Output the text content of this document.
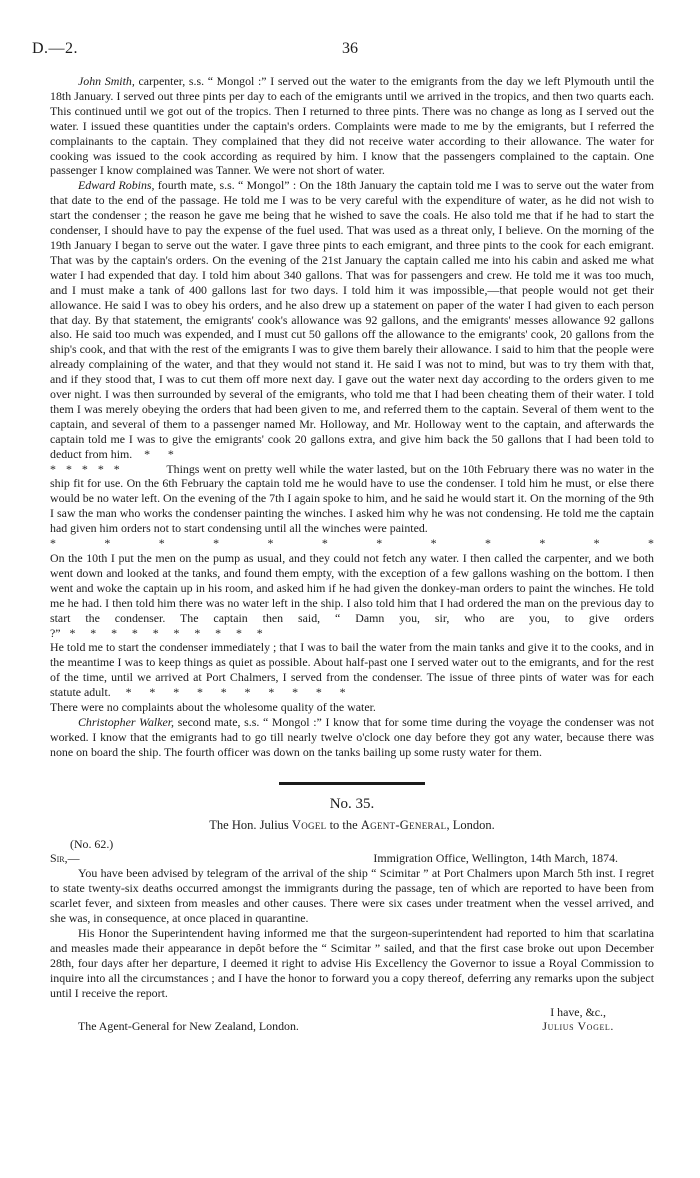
D.—2.	36

John Smith, carpenter, s.s. “ Mongol :” I served out the water to the emigrants from the day we left Plymouth until the 18th January. I served out three pints per day to each of the emigrants until we arrived in the tropics, and then two quarts each. This continued until we got out of the tropics. Then I returned to three pints. There was no change as long as I served out the water. I issued these quantities under the captain's orders. Complaints were made to me by the emigrants, but I referred the complainants to the captain. They complained that they did not receive water according to their allowance. The water for cooking was issued to the cook according as required by him. I know that the passengers complained to the captain. One passenger I know complained was Tanner. We were not short of water.

Edward Robins, fourth mate, s.s. “ Mongol” : On the 18th January the captain told me I was to serve out the water from that date to the end of the passage. He told me I was to be very careful with the expenditure of water, as he did not wish to start the condenser ; the reason he gave me being that he wished to save the coals. He also told me that if he had to start the condenser, I should have to pay the expense of the fuel used. That was used as a threat only, I believe. On the morning of the 19th January I began to serve out the water. I gave three pints to each emigrant, and three pints to the cook for each emigrant. That was by the captain's orders. On the evening of the 21st January the captain called me into his cabin and asked me what water I had expended that day. I told him about 340 gallons. That was for passengers and crew. He told me it was too much, and I must make a tank of 400 gallons last for two days. I told him it was impossible,—that people would not get their allowance. He said I was to obey his orders, and he also drew up a statement on paper of the water I had given to each person that day. By that statement, the emigrants' cook's allowance was 92 gallons, and the emigrants' messes allowance 92 gallons also. He said too much was expended, and I must cut 50 gallons off the allowance to the emigrants' cook, 20 gallons from the ship's cook, and that with the rest of the emigrants I was to give them barely their allowance. I said to him that the people were already complaining of the water, and that they would not stand it. He said I was not to mind, but was to try them with that, and if they stood that, I was to cut them off more next day. I gave out the water next day according to the orders given to me over night. I was then surrounded by several of the emigrants, who told me that I had been cheating them of their water. I told them I was merely obeying the orders that had been given to me, and referred them to the captain. Several of them went to the captain, and several of them to a passenger named Mr. Holloway, and Mr. Holloway went to the captain, and afterwards the captain told me I was to give the emigrants' cook 20 gallons extra, and give him back the 50 gallons that I had been told to deduct from him.    *      *

*   *   *   *   *	Things went on pretty well while the water lasted, but on the 10th February there was no water in the ship fit for use. On the 6th February the captain told me he would have to use the condenser. I told him he must, or else there would be no water left. On the evening of the 7th I again spoke to him, and he said he would start it. On the morning of the 9th I saw the man who works the condenser painting the winches. I asked him why he was not condensing. He told me the captain had given him orders not to start condensing until all the winches were painted.

* * * * * * * * * * * *

On the 10th I put the men on the pump as usual, and they could not fetch any water. I then called the carpenter, and we both went down and looked at the tanks, and found them empty, with the exception of a few gallons washing on the bottom. I then went and woke the captain up in his room, and asked him if he had given the donkey-man orders to paint the winches. He told me he had. I then told him there was no water left in the ship. I also told him that I had ordered the man on the previous day to start the condenser. The captain then said, “ Damn you, sir, who are you, to give orders ?”   *     *     *     *     *     *     *     *     *     *

He told me to start the condenser immediately ; that I was to bail the water from the main tanks and give it to the cooks, and in the meantime I was to keep things as quiet as possible. About half-past one I served water out to the emigrants, and for the rest of the time, until we arrived at Port Chalmers, I served from the condenser. The issue of three pints of water was for each statute adult.     *      *      *      *      *      *      *      *      *      *

There were no complaints about the wholesome quality of the water.

Christopher Walker, second mate, s.s. “ Mongol :” I know that for some time during the voyage the condenser was not worked. I know that the emigrants had to go till nearly twelve o'clock one day before they got any water, because there was none on board the ship. The fourth officer was down on the tanks bailing up some rusty water for them.

No. 35.
The Hon. Julius Vogel to the Agent-General, London.
(No. 62.)
Sir,—	Immigration Office, Wellington, 14th March, 1874.

You have been advised by telegram of the arrival of the ship “ Scimitar ” at Port Chalmers upon March 5th inst. I regret to state twenty-six deaths occurred amongst the immigrants during the passage, ten of which are reported to have been from scarlet fever, and sixteen from measles and other causes. There were six cases under treatment when the vessel arrived, and she was, in consequence, at once placed in quarantine.

His Honor the Superintendent having informed me that the surgeon-superintendent had reported to him that scarlatina and measles made their appearance in depôt before the “ Scimitar ” sailed, and that the first case broke out upon December 28th, four days after her departure, I deemed it right to advise His Excellency the Governor to issue a Royal Commission to inquire into all the circumstances ; and I have the honor to forward you a copy thereof, deferring any remarks upon the subject until I receive the report.

I have, &c.,
The Agent-General for New Zealand, London.	Julius Vogel.
